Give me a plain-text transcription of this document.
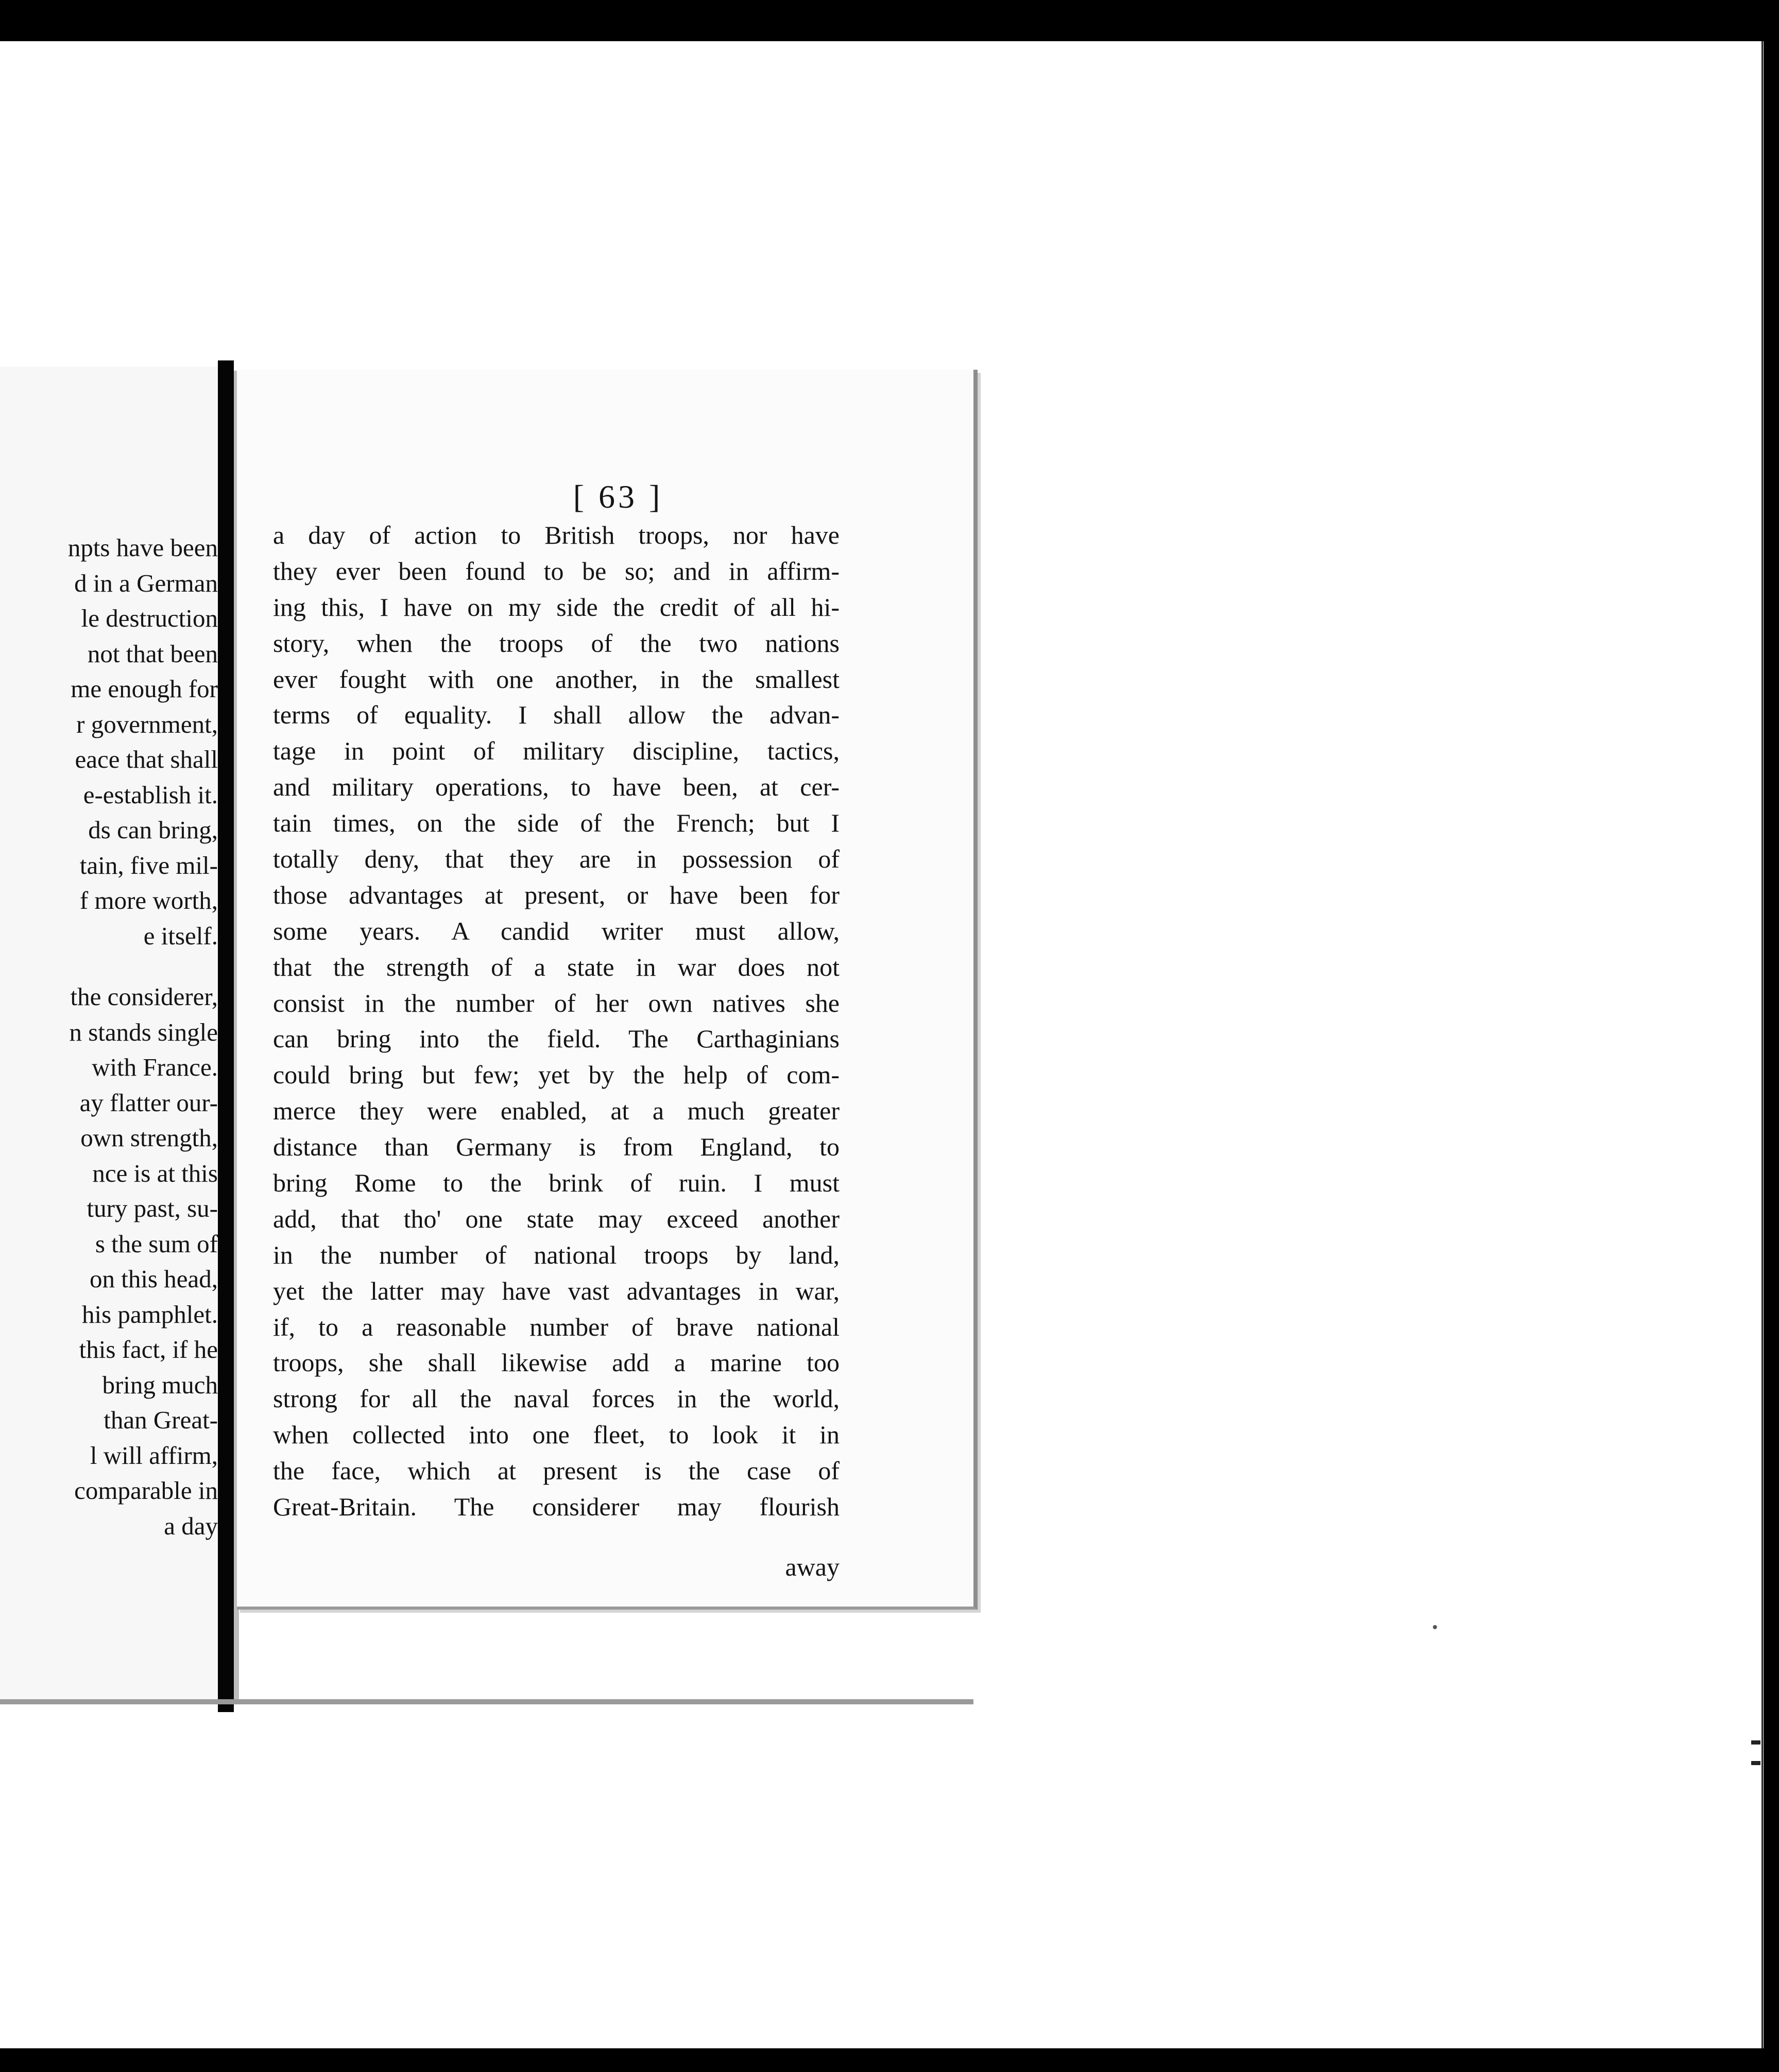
npts have been
d in a German
le destruction
not that been
me enough for
r government,
eace that shall
e-establish it.
ds can bring,
tain, five mil-
f more worth,
e itself.
the considerer,
n stands single
with France.
ay flatter our-
own strength,
nce is at this
tury past, su-
s the sum of
on this head,
his pamphlet.
this fact, if he
bring much
than Great-
l will affirm,
comparable in
a day
[ 63 ]
a day of action to British troops, nor have
they ever been found to be so; and in affirm-
ing this, I have on my side the credit of all hi-
story, when the troops of the two nations
ever fought with one another, in the smallest
terms of equality. I shall allow the advan-
tage in point of military discipline, tactics,
and military operations, to have been, at cer-
tain times, on the side of the French; but I
totally deny, that they are in possession of
those advantages at present, or have been for
some years. A candid writer must allow,
that the strength of a state in war does not
consist in the number of her own natives she
can bring into the field. The Carthaginians
could bring but few; yet by the help of com-
merce they were enabled, at a much greater
distance than Germany is from England, to
bring Rome to the brink of ruin. I must
add, that tho' one state may exceed another
in the number of national troops by land,
yet the latter may have vast advantages in war,
if, to a reasonable number of brave national
troops, she shall likewise add a marine too
strong for all the naval forces in the world,
when collected into one fleet, to look it in
the face, which at present is the case of
Great-Britain. The considerer may flourish
away
